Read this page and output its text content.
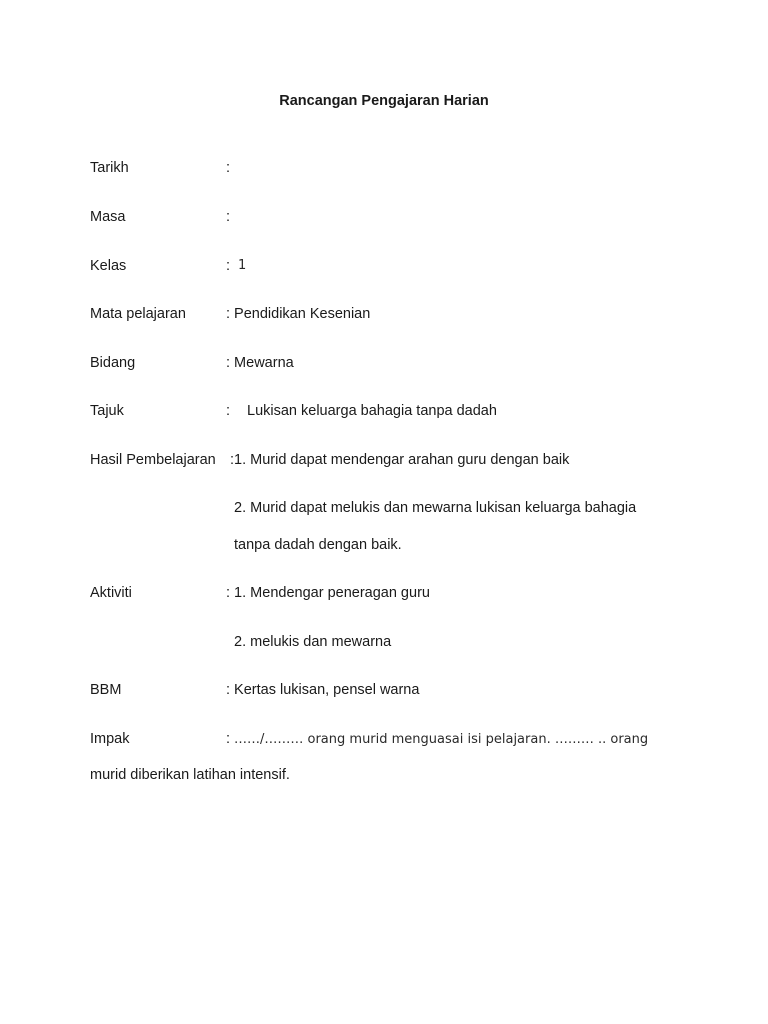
Rancangan Pengajaran Harian
Tarikh	:
Masa	:
Kelas	: 1
Mata pelajaran	: Pendidikan Kesenian
Bidang	: Mewarna
Tajuk	: Lukisan keluarga bahagia tanpa dadah
Hasil Pembelajaran :1. Murid dapat mendengar arahan guru dengan baik
2. Murid dapat melukis dan mewarna lukisan keluarga bahagia
tanpa dadah dengan baik.
Aktiviti	: 1. Mendengar peneragan guru
2. melukis dan mewarna
BBM	: Kertas lukisan, pensel warna
Impak	: ……/……… orang murid menguasai isi pelajaran. ……… .. orang
murid diberikan latihan intensif.
